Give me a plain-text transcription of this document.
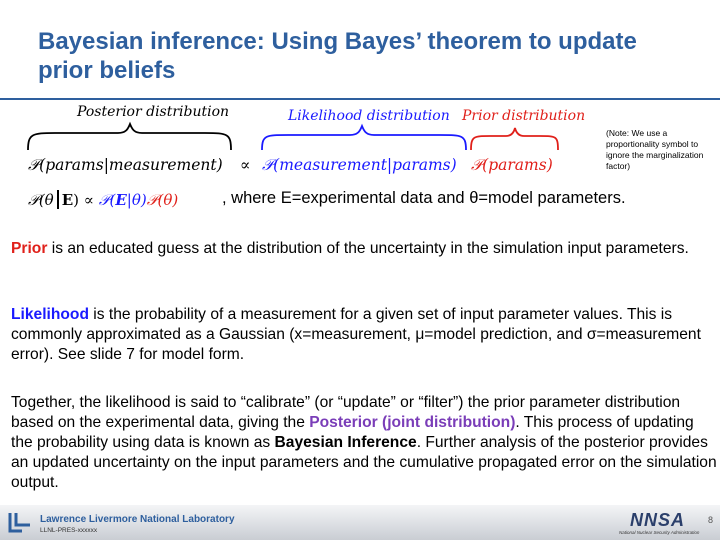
Bayesian inference: Using Bayes’ theorem to update prior beliefs
Posterior distribution	Likelihood distribution Prior distribution
𝒫(params|measurement) ∝ 𝒫(measurement|params) 𝒫(params)
𝒫(θ E) ∝ 𝒫(E|θ)𝒫(θ)	, where E=experimental data and θ=model parameters.
(Note: We use a proportionality symbol to ignore the marginalization factor)

Prior is an educated guess at the distribution of the uncertainty in the simulation input parameters.

Likelihood is the probability of a measurement for a given set of input parameter values. This is commonly approximated as a Gaussian (x=measurement, μ=model prediction, and σ=measurement error). See slide 7 for model form.

Together, the likelihood is said to “calibrate” (or “update” or “filter”) the prior parameter distribution based on the experimental data, giving the Posterior (joint distribution). This process of updating the probability using data is known as Bayesian Inference. Further analysis of the posterior provides an updated uncertainty on the input parameters and the cumulative propagated error on the simulation output.

Lawrence Livermore National Laboratory
LLNL-PRES-xxxxxx
NNSA
National Nuclear Security Administration
8
